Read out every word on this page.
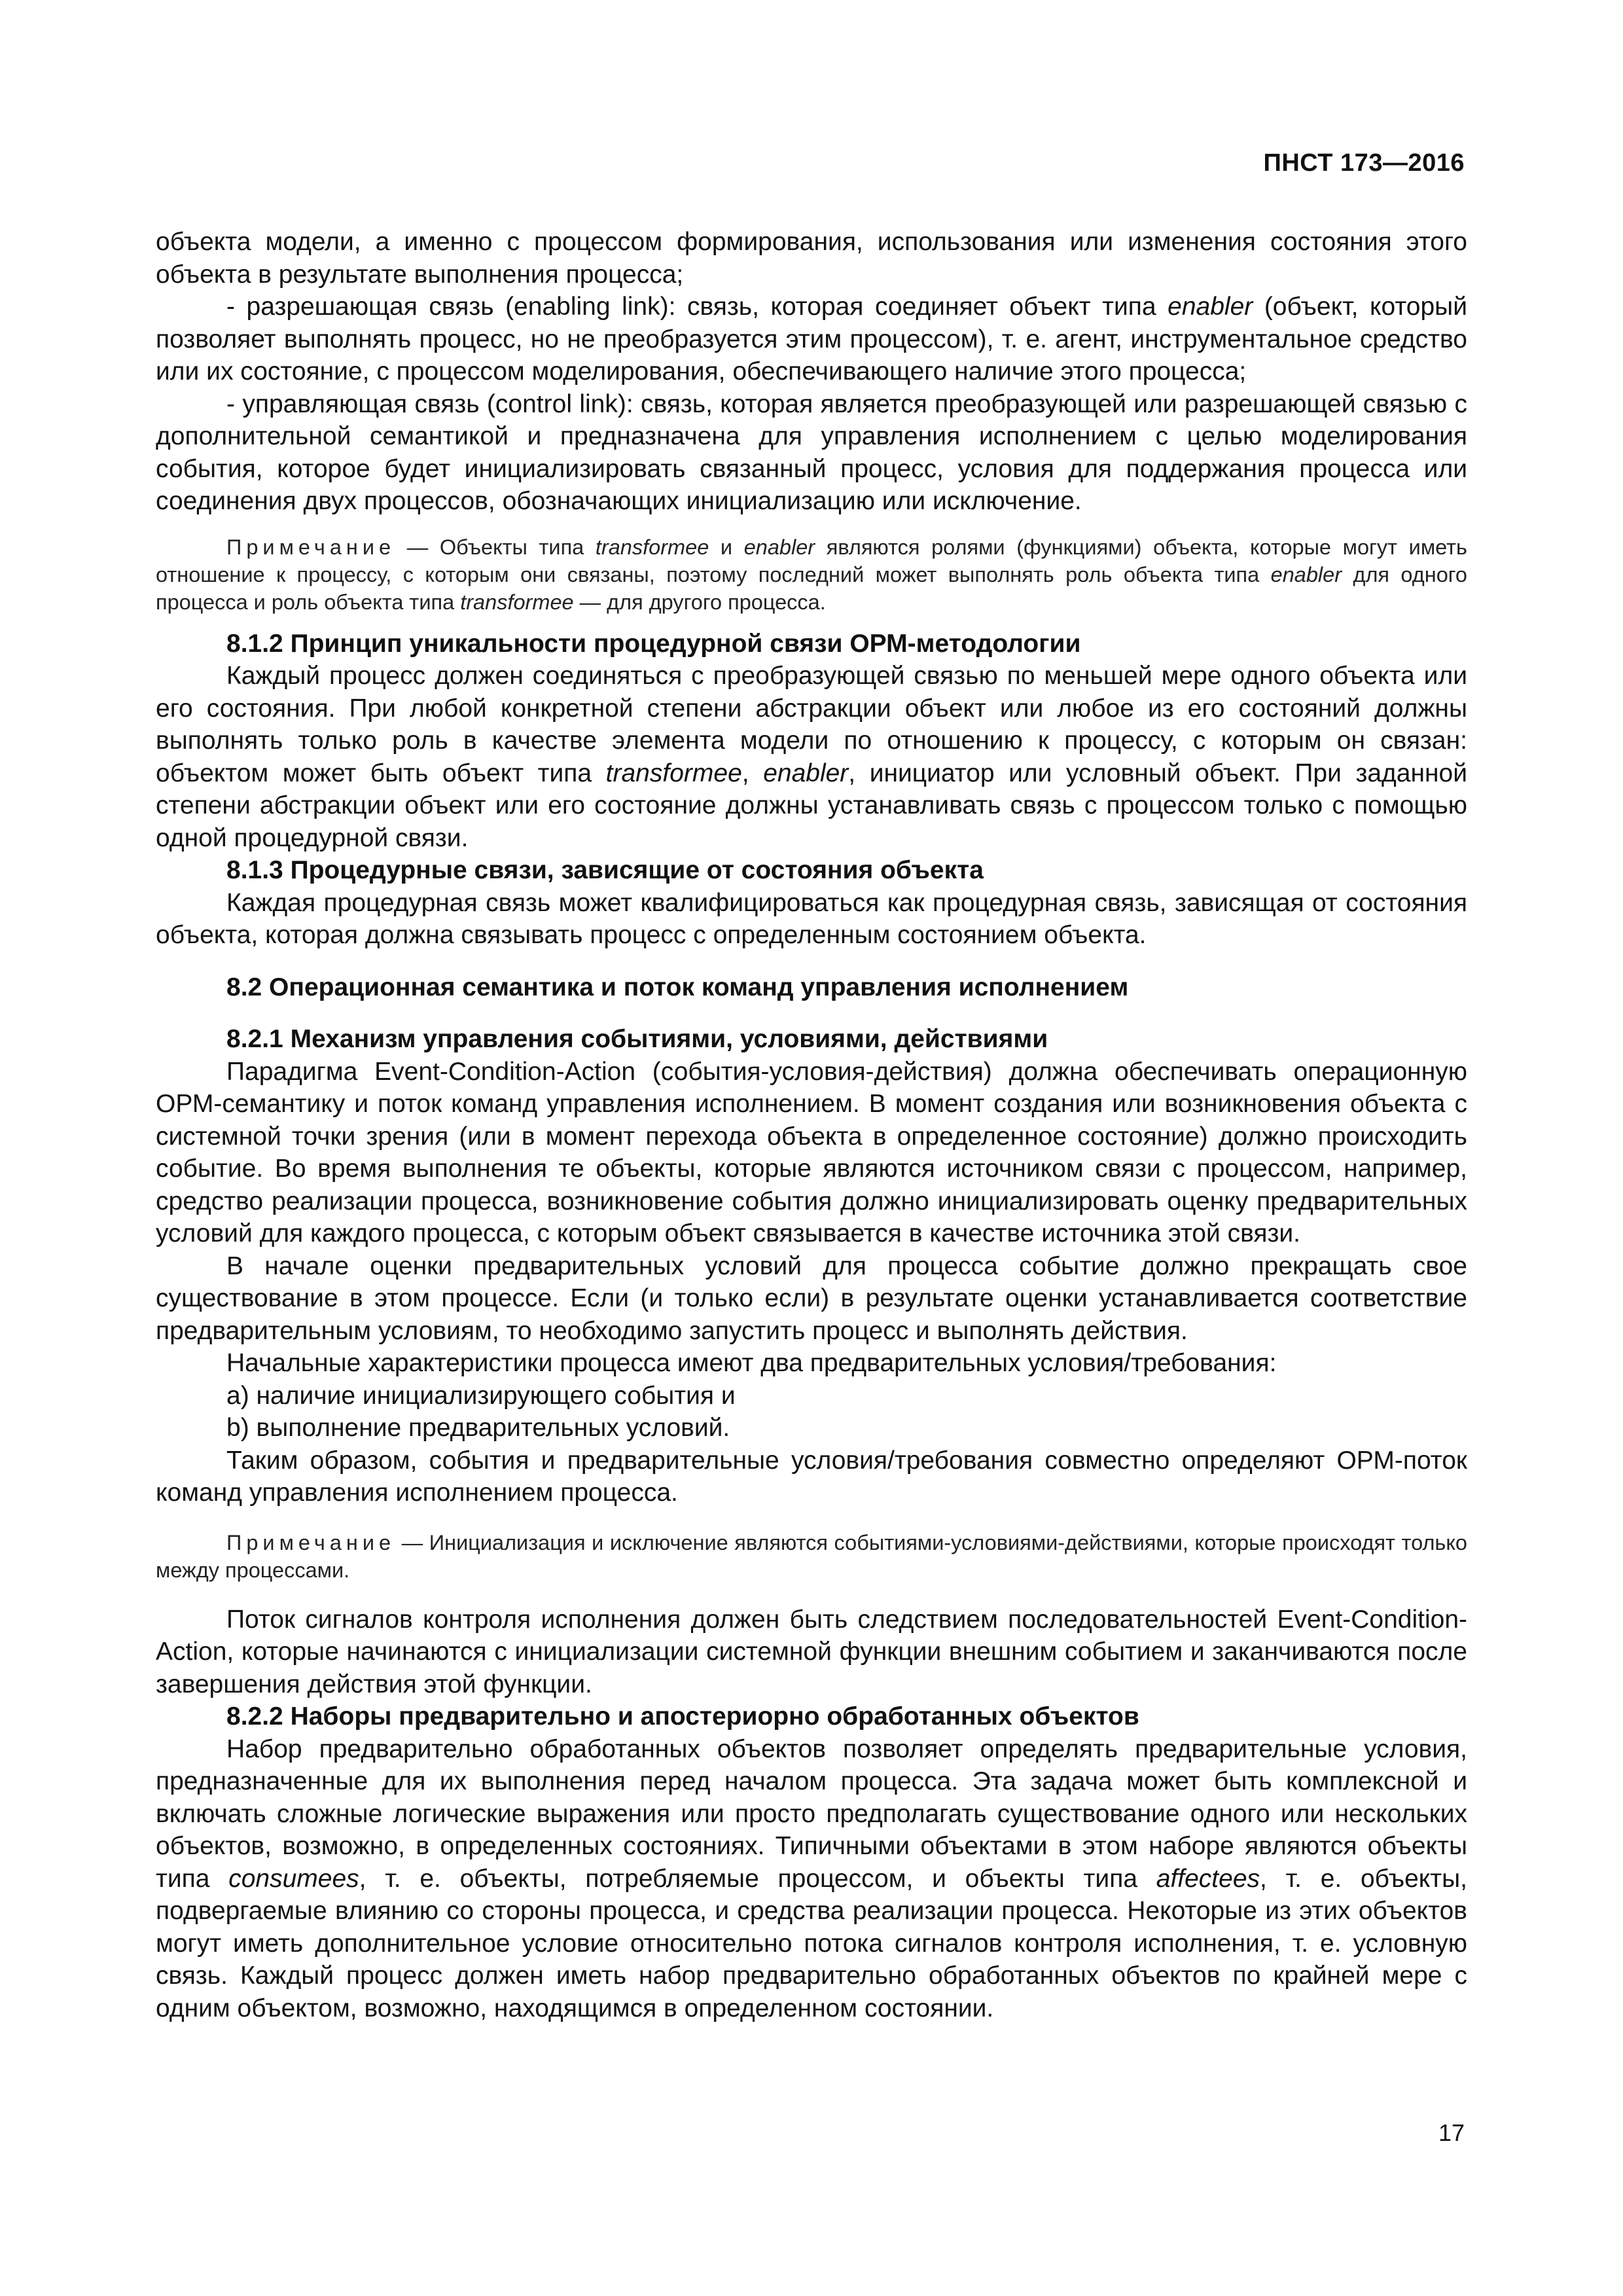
ПНСТ 173—2016

объекта модели, а именно с процессом формирования, использования или изменения состояния этого объекта в результате выполнения процесса;

- разрешающая связь (enabling link): связь, которая соединяет объект типа enabler (объект, который позволяет выполнять процесс, но не преобразуется этим процессом), т. е. агент, инструментальное средство или их состояние, с процессом моделирования, обеспечивающего наличие этого процесса;

- управляющая связь (control link): связь, которая является преобразующей или разрешающей связью с дополнительной семантикой и предназначена для управления исполнением с целью моделирования события, которое будет инициализировать связанный процесс, условия для поддержания процесса или соединения двух процессов, обозначающих инициализацию или исключение.

Примечание — Объекты типа transformee и enabler являются ролями (функциями) объекта, которые могут иметь отношение к процессу, с которым они связаны, поэтому последний может выполнять роль объекта типа enabler для одного процесса и роль объекта типа transformee — для другого процесса.

8.1.2 Принцип уникальности процедурной связи ОРМ-методологии

Каждый процесс должен соединяться с преобразующей связью по меньшей мере одного объекта или его состояния. При любой конкретной степени абстракции объект или любое из его состояний должны выполнять только роль в качестве элемента модели по отношению к процессу, с которым он связан: объектом может быть объект типа transformee, enabler, инициатор или условный объект. При заданной степени абстракции объект или его состояние должны устанавливать связь с процессом только с помощью одной процедурной связи.

8.1.3 Процедурные связи, зависящие от состояния объекта

Каждая процедурная связь может квалифицироваться как процедурная связь, зависящая от состояния объекта, которая должна связывать процесс с определенным состоянием объекта.

8.2 Операционная семантика и поток команд управления исполнением

8.2.1 Механизм управления событиями, условиями, действиями

Парадигма Event-Condition-Action (события-условия-действия) должна обеспечивать операционную ОРМ-семантику и поток команд управления исполнением. В момент создания или возникновения объекта с системной точки зрения (или в момент перехода объекта в определенное состояние) должно происходить событие. Во время выполнения те объекты, которые являются источником связи с процессом, например, средство реализации процесса, возникновение события должно инициализировать оценку предварительных условий для каждого процесса, с которым объект связывается в качестве источника этой связи.

В начале оценки предварительных условий для процесса событие должно прекращать свое существование в этом процессе. Если (и только если) в результате оценки устанавливается соответствие предварительным условиям, то необходимо запустить процесс и выполнять действия.

Начальные характеристики процесса имеют два предварительных условия/требования:

а) наличие инициализирующего события и

b) выполнение предварительных условий.

Таким образом, события и предварительные условия/требования совместно определяют ОРМ-поток команд управления исполнением процесса.

Примечание — Инициализация и исключение являются событиями-условиями-действиями, которые происходят только между процессами.

Поток сигналов контроля исполнения должен быть следствием последовательностей Event-Condition-Action, которые начинаются с инициализации системной функции внешним событием и заканчиваются после завершения действия этой функции.

8.2.2 Наборы предварительно и апостериорно обработанных объектов

Набор предварительно обработанных объектов позволяет определять предварительные условия, предназначенные для их выполнения перед началом процесса. Эта задача может быть комплексной и включать сложные логические выражения или просто предполагать существование одного или нескольких объектов, возможно, в определенных состояниях. Типичными объектами в этом наборе являются объекты типа consumees, т. е. объекты, потребляемые процессом, и объекты типа affectees, т. е. объекты, подвергаемые влиянию со стороны процесса, и средства реализации процесса. Некоторые из этих объектов могут иметь дополнительное условие относительно потока сигналов контроля исполнения, т. е. условную связь. Каждый процесс должен иметь набор предварительно обработанных объектов по крайней мере с одним объектом, возможно, находящимся в определенном состоянии.

17
